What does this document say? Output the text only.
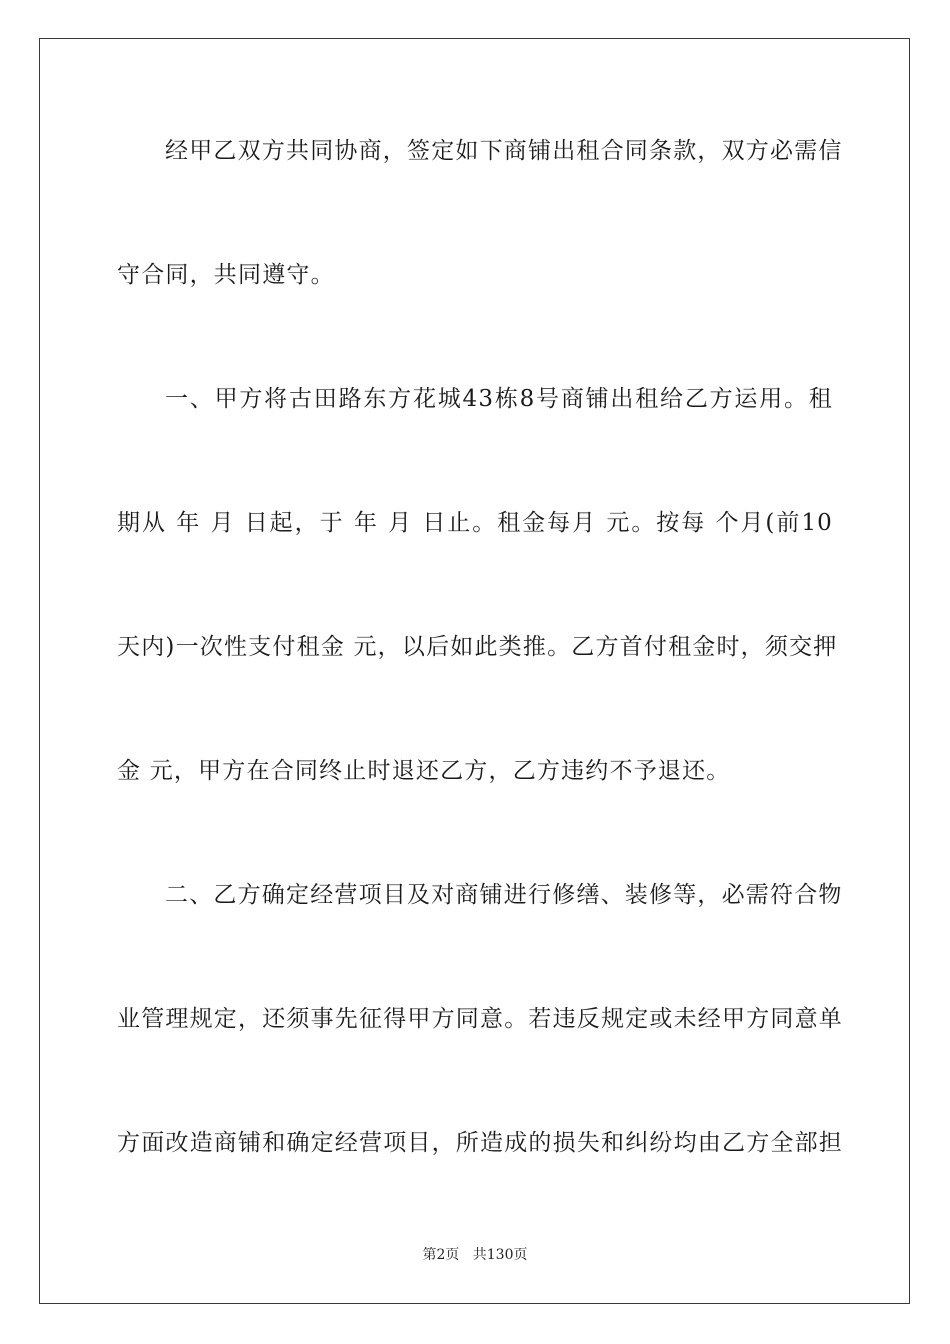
经甲乙双方共同协商，签定如下商铺出租合同条款，双方必需信
守合同，共同遵守。
一、甲方将古田路东方花城43栋8号商铺出租给乙方运用。租
期从 年 月 日起，于 年 月 日止。租金每月 元。按每 个月(前10
天内)一次性支付租金 元，以后如此类推。乙方首付租金时，须交押
金 元，甲方在合同终止时退还乙方，乙方违约不予退还。
二、乙方确定经营项目及对商铺进行修缮、装修等，必需符合物
业管理规定，还须事先征得甲方同意。若违反规定或未经甲方同意单
方面改造商铺和确定经营项目，所造成的损失和纠纷均由乙方全部担
第2页 共130页
